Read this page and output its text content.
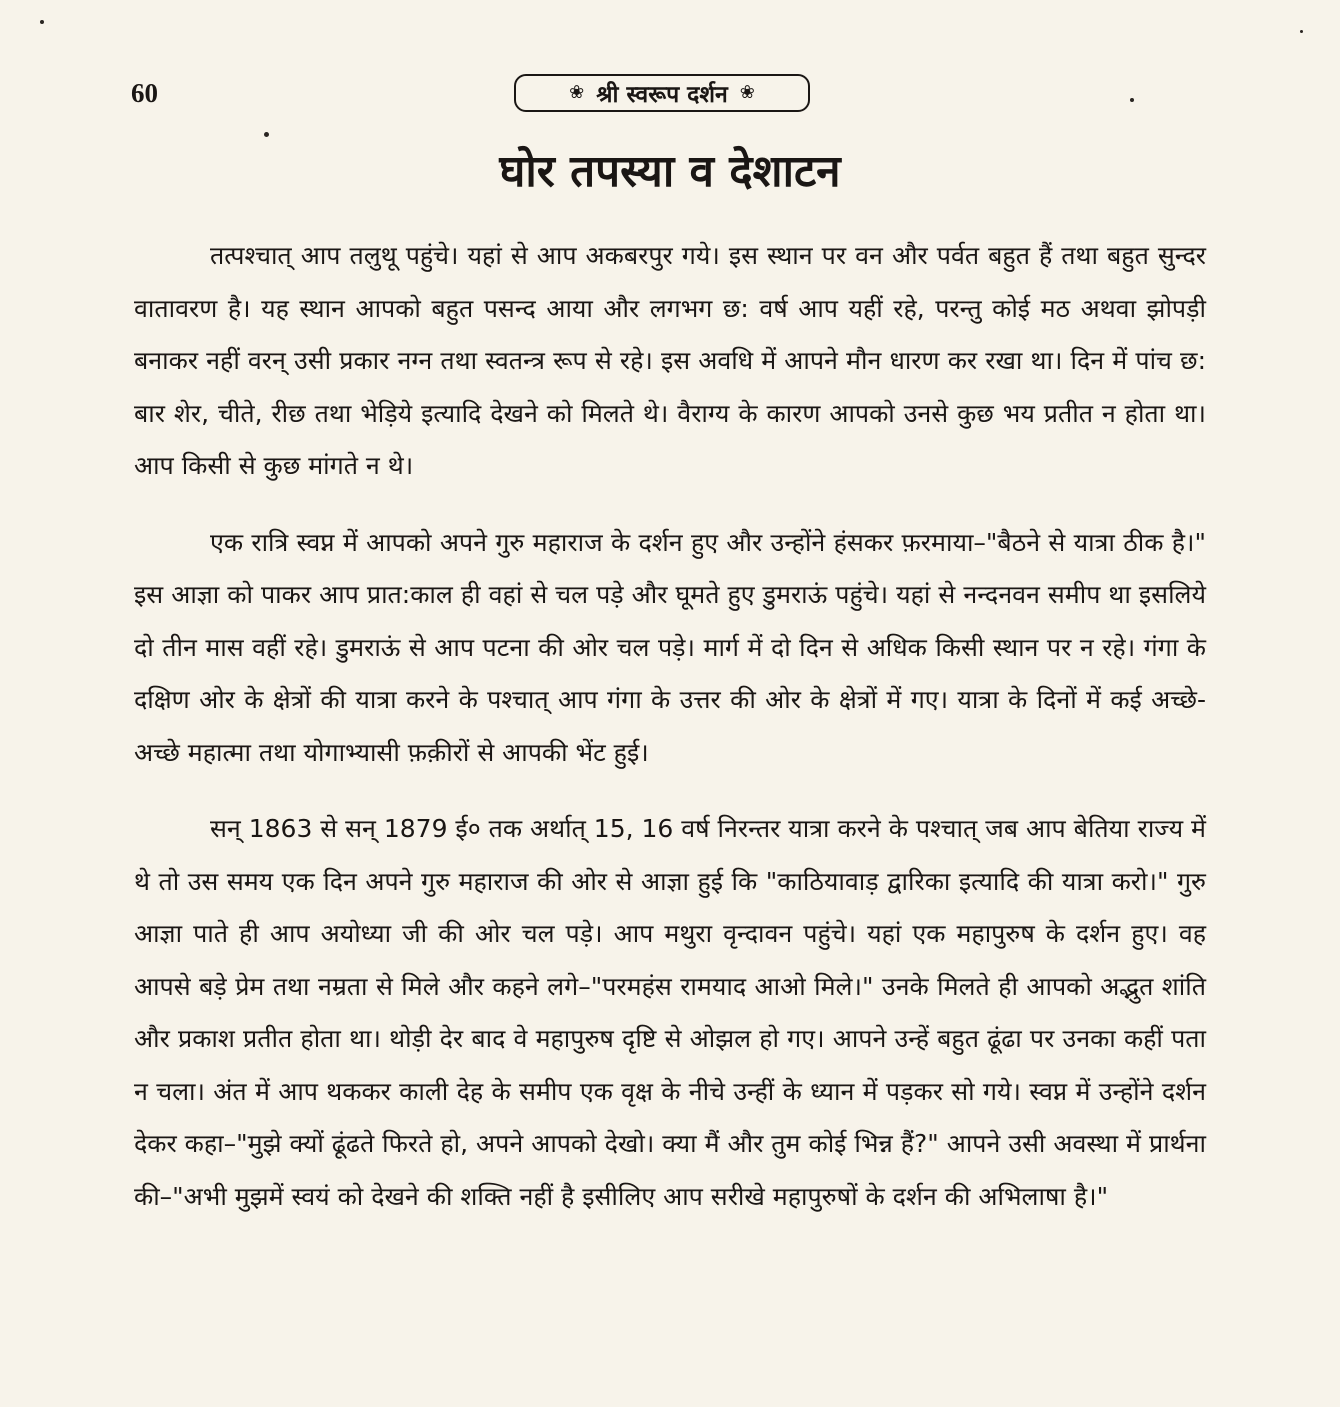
60	❀ श्री स्वरूप दर्शन ❀
घोर तपस्या व देशाटन

तत्पश्चात् आप तलुथू पहुंचे। यहां से आप अकबरपुर गये। इस स्थान पर वन और पर्वत बहुत हैं तथा बहुत सुन्दर वातावरण है। यह स्थान आपको बहुत पसन्द आया और लगभग छ: वर्ष आप यहीं रहे, परन्तु कोई मठ अथवा झोपड़ी बनाकर नहीं वरन् उसी प्रकार नग्न तथा स्वतन्त्र रूप से रहे। इस अवधि में आपने मौन धारण कर रखा था। दिन में पांच छ: बार शेर, चीते, रीछ तथा भेड़िये इत्यादि देखने को मिलते थे। वैराग्य के कारण आपको उनसे कुछ भय प्रतीत न होता था। आप किसी से कुछ मांगते न थे।

एक रात्रि स्वप्न में आपको अपने गुरु महाराज के दर्शन हुए और उन्होंने हंसकर फ़रमाया–"बैठने से यात्रा ठीक है।" इस आज्ञा को पाकर आप प्रात:काल ही वहां से चल पड़े और घूमते हुए डुमराऊं पहुंचे। यहां से नन्दनवन समीप था इसलिये दो तीन मास वहीं रहे। डुमराऊं से आप पटना की ओर चल पड़े। मार्ग में दो दिन से अधिक किसी स्थान पर न रहे। गंगा के दक्षिण ओर के क्षेत्रों की यात्रा करने के पश्चात् आप गंगा के उत्तर की ओर के क्षेत्रों में गए। यात्रा के दिनों में कई अच्छे-अच्छे महात्मा तथा योगाभ्यासी फ़क़ीरों से आपकी भेंट हुई।

सन् 1863 से सन् 1879 ई० तक अर्थात् 15, 16 वर्ष निरन्तर यात्रा करने के पश्चात् जब आप बेतिया राज्य में थे तो उस समय एक दिन अपने गुरु महाराज की ओर से आज्ञा हुई कि "काठियावाड़ द्वारिका इत्यादि की यात्रा करो।" गुरु आज्ञा पाते ही आप अयोध्या जी की ओर चल पड़े। आप मथुरा वृन्दावन पहुंचे। यहां एक महापुरुष के दर्शन हुए। वह आपसे बड़े प्रेम तथा नम्रता से मिले और कहने लगे–"परमहंस रामयाद आओ मिले।" उनके मिलते ही आपको अद्भुत शांति और प्रकाश प्रतीत होता था। थोड़ी देर बाद वे महापुरुष दृष्टि से ओझल हो गए। आपने उन्हें बहुत ढूंढा पर उनका कहीं पता न चला। अंत में आप थककर काली देह के समीप एक वृक्ष के नीचे उन्हीं के ध्यान में पड़कर सो गये। स्वप्न में उन्होंने दर्शन देकर कहा–"मुझे क्यों ढूंढते फिरते हो, अपने आपको देखो। क्या मैं और तुम कोई भिन्न हैं?" आपने उसी अवस्था में प्रार्थना की–"अभी मुझमें स्वयं को देखने की शक्ति नहीं है इसीलिए आप सरीखे महापुरुषों के दर्शन की अभिलाषा है।"
